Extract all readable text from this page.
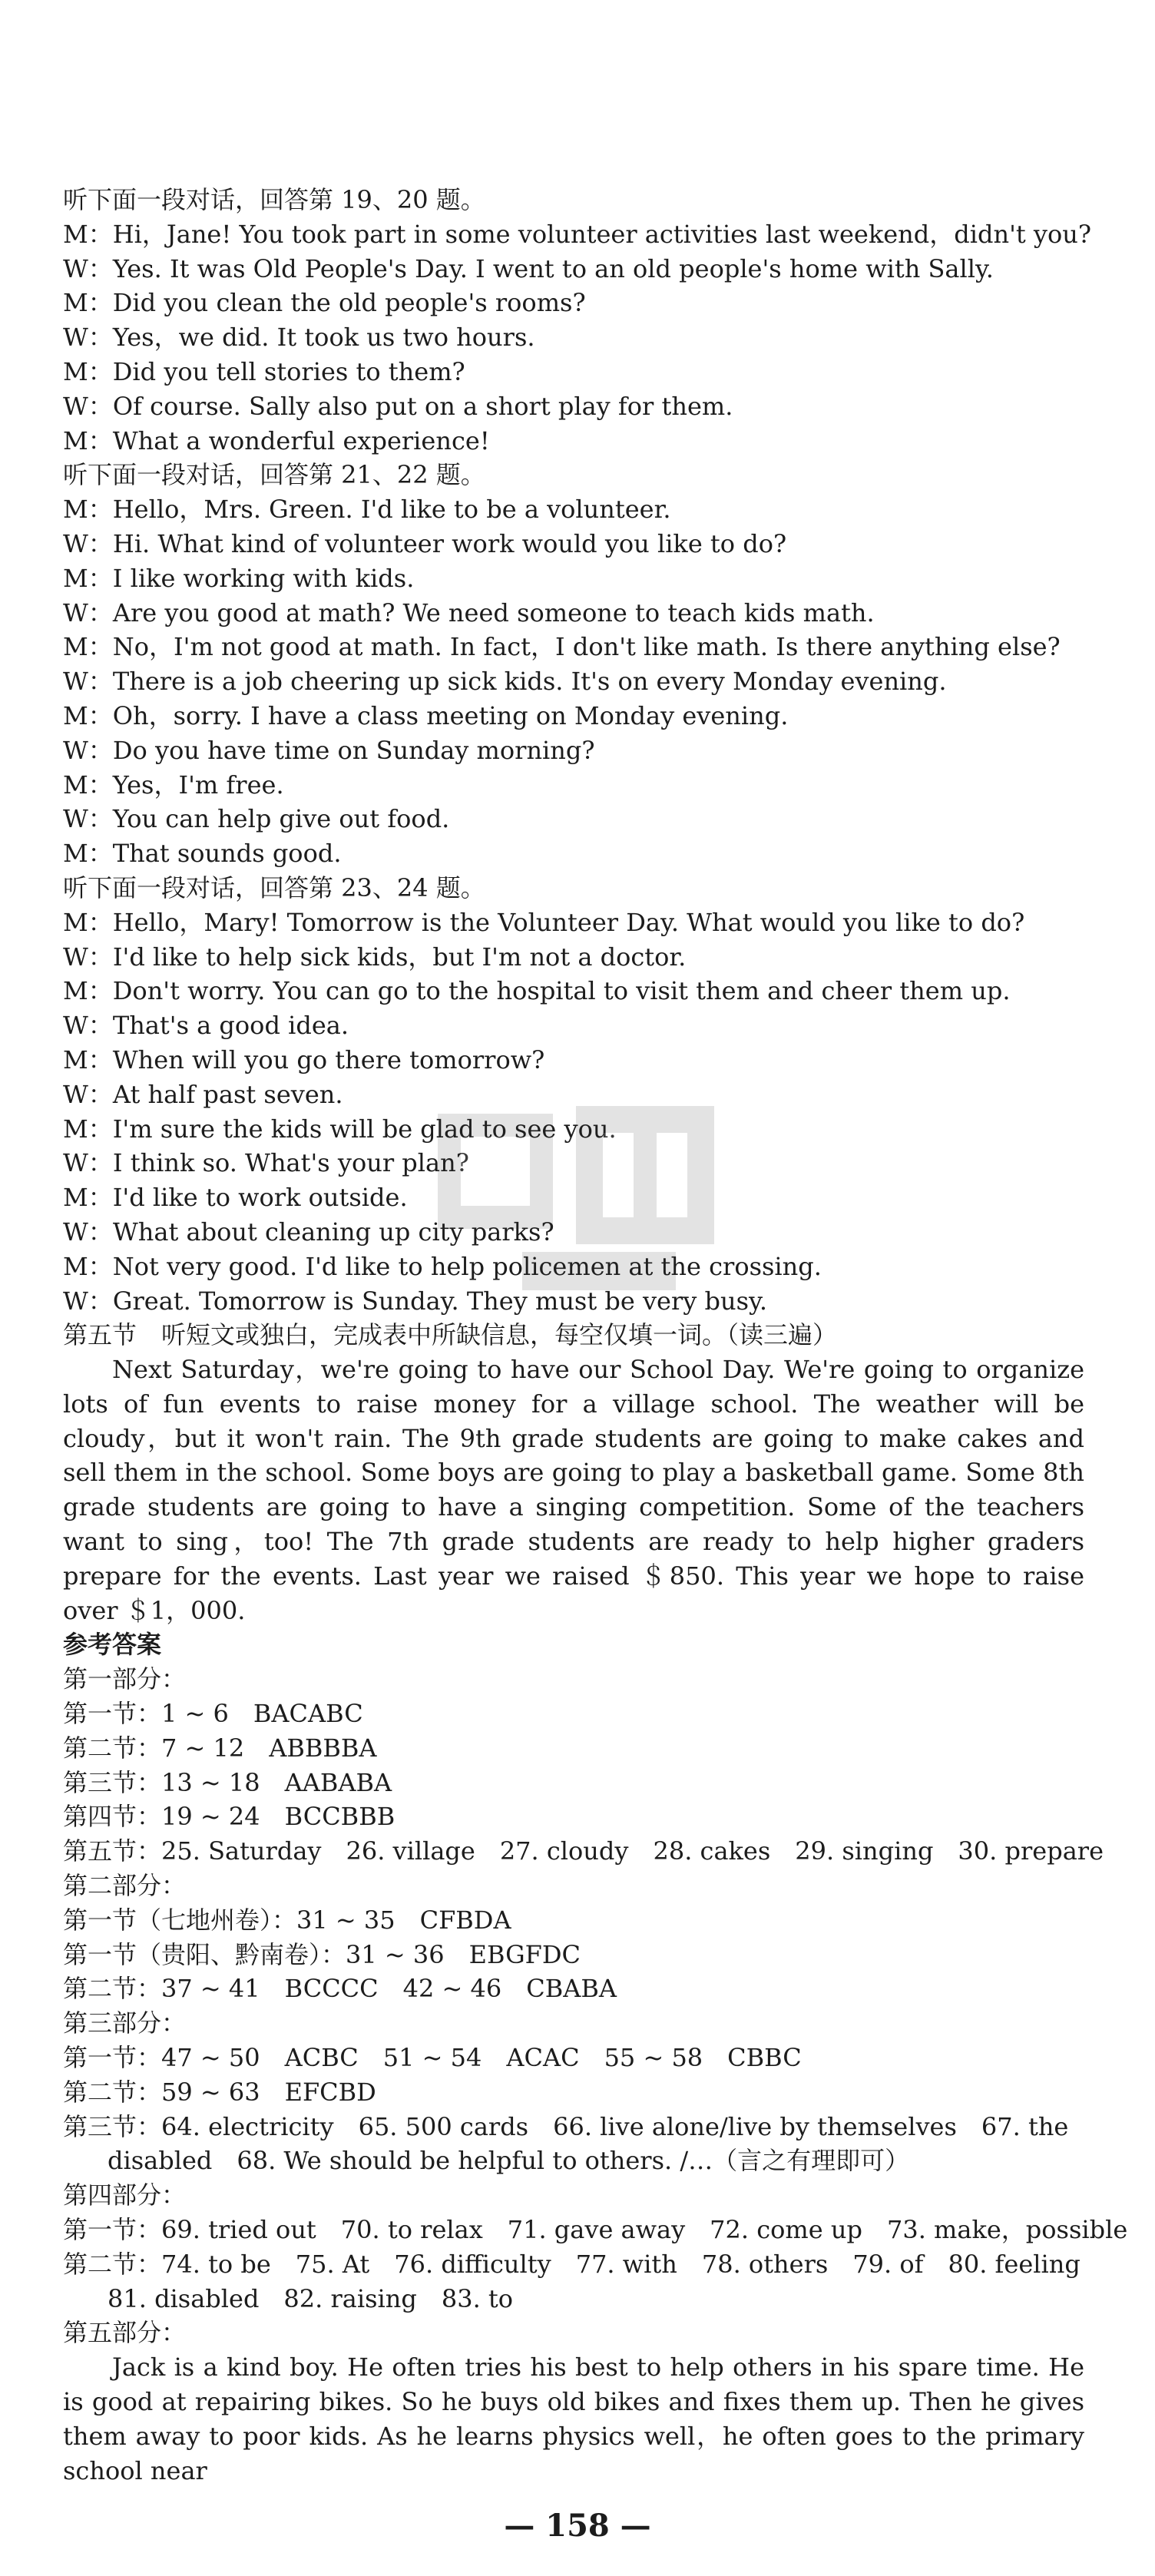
听下面一段对话，回答第 19、20 题。
M：Hi，Jane! You took part in some volunteer activities last weekend，didn't you?
W：Yes. It was Old People's Day. I went to an old people's home with Sally.
M：Did you clean the old people's rooms?
W：Yes，we did. It took us two hours.
M：Did you tell stories to them?
W：Of course. Sally also put on a short play for them.
M：What a wonderful experience!
听下面一段对话，回答第 21、22 题。
M：Hello，Mrs. Green. I'd like to be a volunteer.
W：Hi. What kind of volunteer work would you like to do?
M：I like working with kids.
W：Are you good at math? We need someone to teach kids math.
M：No，I'm not good at math. In fact，I don't like math. Is there anything else?
W：There is a job cheering up sick kids. It's on every Monday evening.
M：Oh，sorry. I have a class meeting on Monday evening.
W：Do you have time on Sunday morning?
M：Yes，I'm free.
W：You can help give out food.
M：That sounds good.
听下面一段对话，回答第 23、24 题。
M：Hello，Mary! Tomorrow is the Volunteer Day. What would you like to do?
W：I'd like to help sick kids，but I'm not a doctor.
M：Don't worry. You can go to the hospital to visit them and cheer them up.
W：That's a good idea.
M：When will you go there tomorrow?
W：At half past seven.
M：I'm sure the kids will be glad to see you.
W：I think so. What's your plan?
M：I'd like to work outside.
W：What about cleaning up city parks?
M：Not very good. I'd like to help policemen at the crossing.
W：Great. Tomorrow is Sunday. They must be very busy.
第五节　听短文或独白，完成表中所缺信息，每空仅填一词。（读三遍）
Next Saturday，we're going to have our School Day. We're going to organize lots of fun events to raise money for a village school. The weather will be cloudy，but it won't rain. The 9th grade students are going to make cakes and sell them in the school. Some boys are going to play a basketball game. Some 8th grade students are going to have a singing competition. Some of the teachers want to sing，too! The 7th grade students are ready to help higher graders prepare for the events. Last year we raised ＄850. This year we hope to raise over ＄1，000.
参考答案
第一部分：
第一节：1 ~ 6　BACABC
第二节：7 ~ 12　ABBBBA
第三节：13 ~ 18　AABABA
第四节：19 ~ 24　BCCBBB
第五节：25. Saturday　26. village　27. cloudy　28. cakes　29. singing　30. prepare
第二部分：
第一节（七地州卷）：31 ~ 35　CFBDA
第一节（贵阳、黔南卷）：31 ~ 36　EBGFDC
第二节：37 ~ 41　BCCCC　42 ~ 46　CBABA
第三部分：
第一节：47 ~ 50　ACBC　51 ~ 54　ACAC　55 ~ 58　CBBC
第二节：59 ~ 63　EFCBD
第三节：64. electricity　65. 500 cards　66. live alone/live by themselves　67. the
disabled　68. We should be helpful to others. /…（言之有理即可）
第四部分：
第一节：69. tried out　70. to relax　71. gave away　72. come up　73. make，possible
第二节：74. to be　75. At　76. difficulty　77. with　78. others　79. of　80. feeling
81. disabled　82. raising　83. to
第五部分：
Jack is a kind boy. He often tries his best to help others in his spare time. He is good at repairing bikes. So he buys old bikes and fixes them up. Then he gives them away to poor kids. As he learns physics well，he often goes to the primary school near
— 158 —
